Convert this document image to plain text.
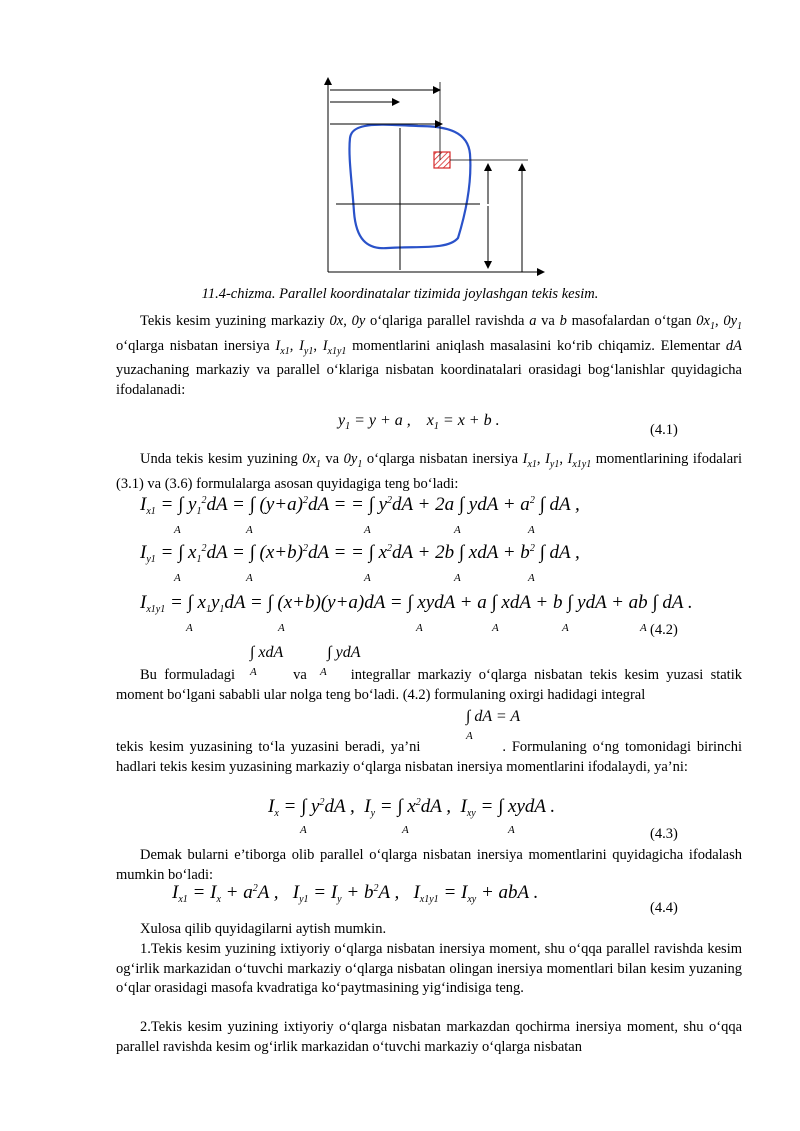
11.4-chizma. Parallel koordinatalar tizimida joylashgan tekis kesim.
Tekis kesim yuzining markaziy 0x, 0y o‘qlariga parallel ravishda a va b masofalardan o‘tgan $0x_1$, $0y_1$ o‘qlarga nisbatan inersiya $I_{x1}$, $I_{y1}$, $I_{x1y1}$ momentlarini aniqlash masalasini ko‘rib chiqamiz. Elementar dA yuzachaning markaziy va parallel o‘klariga nisbatan koordinatalari orasidagi bog‘lanishlar quyidagicha ifodalanadi:
$y_1 = y + a$ ,    $x_1 = x + b$ .
(4.1)
Unda tekis kesim yuzining $0x_1$ va $0y_1$ o‘qlarga nisbatan inersiya $I_{x1}$, $I_{y1}$, $I_{x1y1}$ momentlarining ifodalari (3.1) va (3.6) formulalarga asosan quyidagiga teng bo‘ladi:
$I_{x1}$ = ∫ $y_1^2dA$ = ∫ $(y+a)^2dA$ = = ∫ $y^2dA + 2a$ ∫ ydA + $a^2$ ∫ dA ,
A	A	A	A	A
$I_{y1}$ = ∫ $x_1^2dA$ = ∫ $(x+b)^2dA$ = = ∫ $x^2dA + 2b$ ∫ xdA + $b^2$ ∫ dA ,
A	A	A	A	A
$I_{x1y1}$ = ∫ $x_1y_1dA$ = ∫ (x+b)(y+a)dA = ∫ xydA + a ∫ xdA + b ∫ ydA + ab ∫ dA .
A	A	A	A	A	A (4.2)
∫ xdA	∫ ydA
A	A
Bu formuladagi	va	integrallar markaziy o‘qlarga nisbatan tekis kesim yuzasi statik moment bo‘lgani sababli ular nolga teng bo‘ladi. (4.2) formulaning oxirgi hadidagi integral
∫ dA = A
A
tekis kesim yuzasining to‘la yuzasini beradi, ya’ni	. Formulaning o‘ng tomonidagi birinchi hadlari tekis kesim yuzasining markaziy o‘qlarga nisbatan inersiya momentlarini ifodalaydi, ya’ni:
$I_x$ = ∫ $y^2dA$ ,  $I_y$ = ∫ $x^2dA$ ,  $I_{xy}$ = ∫ xydA .
A	A	A	(4.3)
Demak bularni e’tiborga olib parallel o‘qlarga nisbatan inersiya momentlarini quyidagicha ifodalash mumkin bo‘ladi:
$I_{x1} = I_x + a^2A$ ,   $I_{y1} = I_y + b^2A$ ,   $I_{x1y1} = I_{xy}$ + abA .
(4.4)
Xulosa qilib quyidagilarni aytish mumkin.
1.Tekis kesim yuzining ixtiyoriy o‘qlarga nisbatan inersiya moment, shu o‘qqa parallel ravishda kesim og‘irlik markazidan o‘tuvchi markaziy o‘qlarga nisbatan olingan inersiya momentlari bilan kesim yuzaning o‘qlar orasidagi masofa kvadratiga ko‘paytmasining yig‘indisiga teng.
2.Tekis kesim yuzining ixtiyoriy o‘qlarga nisbatan markazdan qochirma inersiya moment, shu o‘qqa parallel ravishda kesim og‘irlik markazidan o‘tuvchi markaziy o‘qlarga nisbatan
